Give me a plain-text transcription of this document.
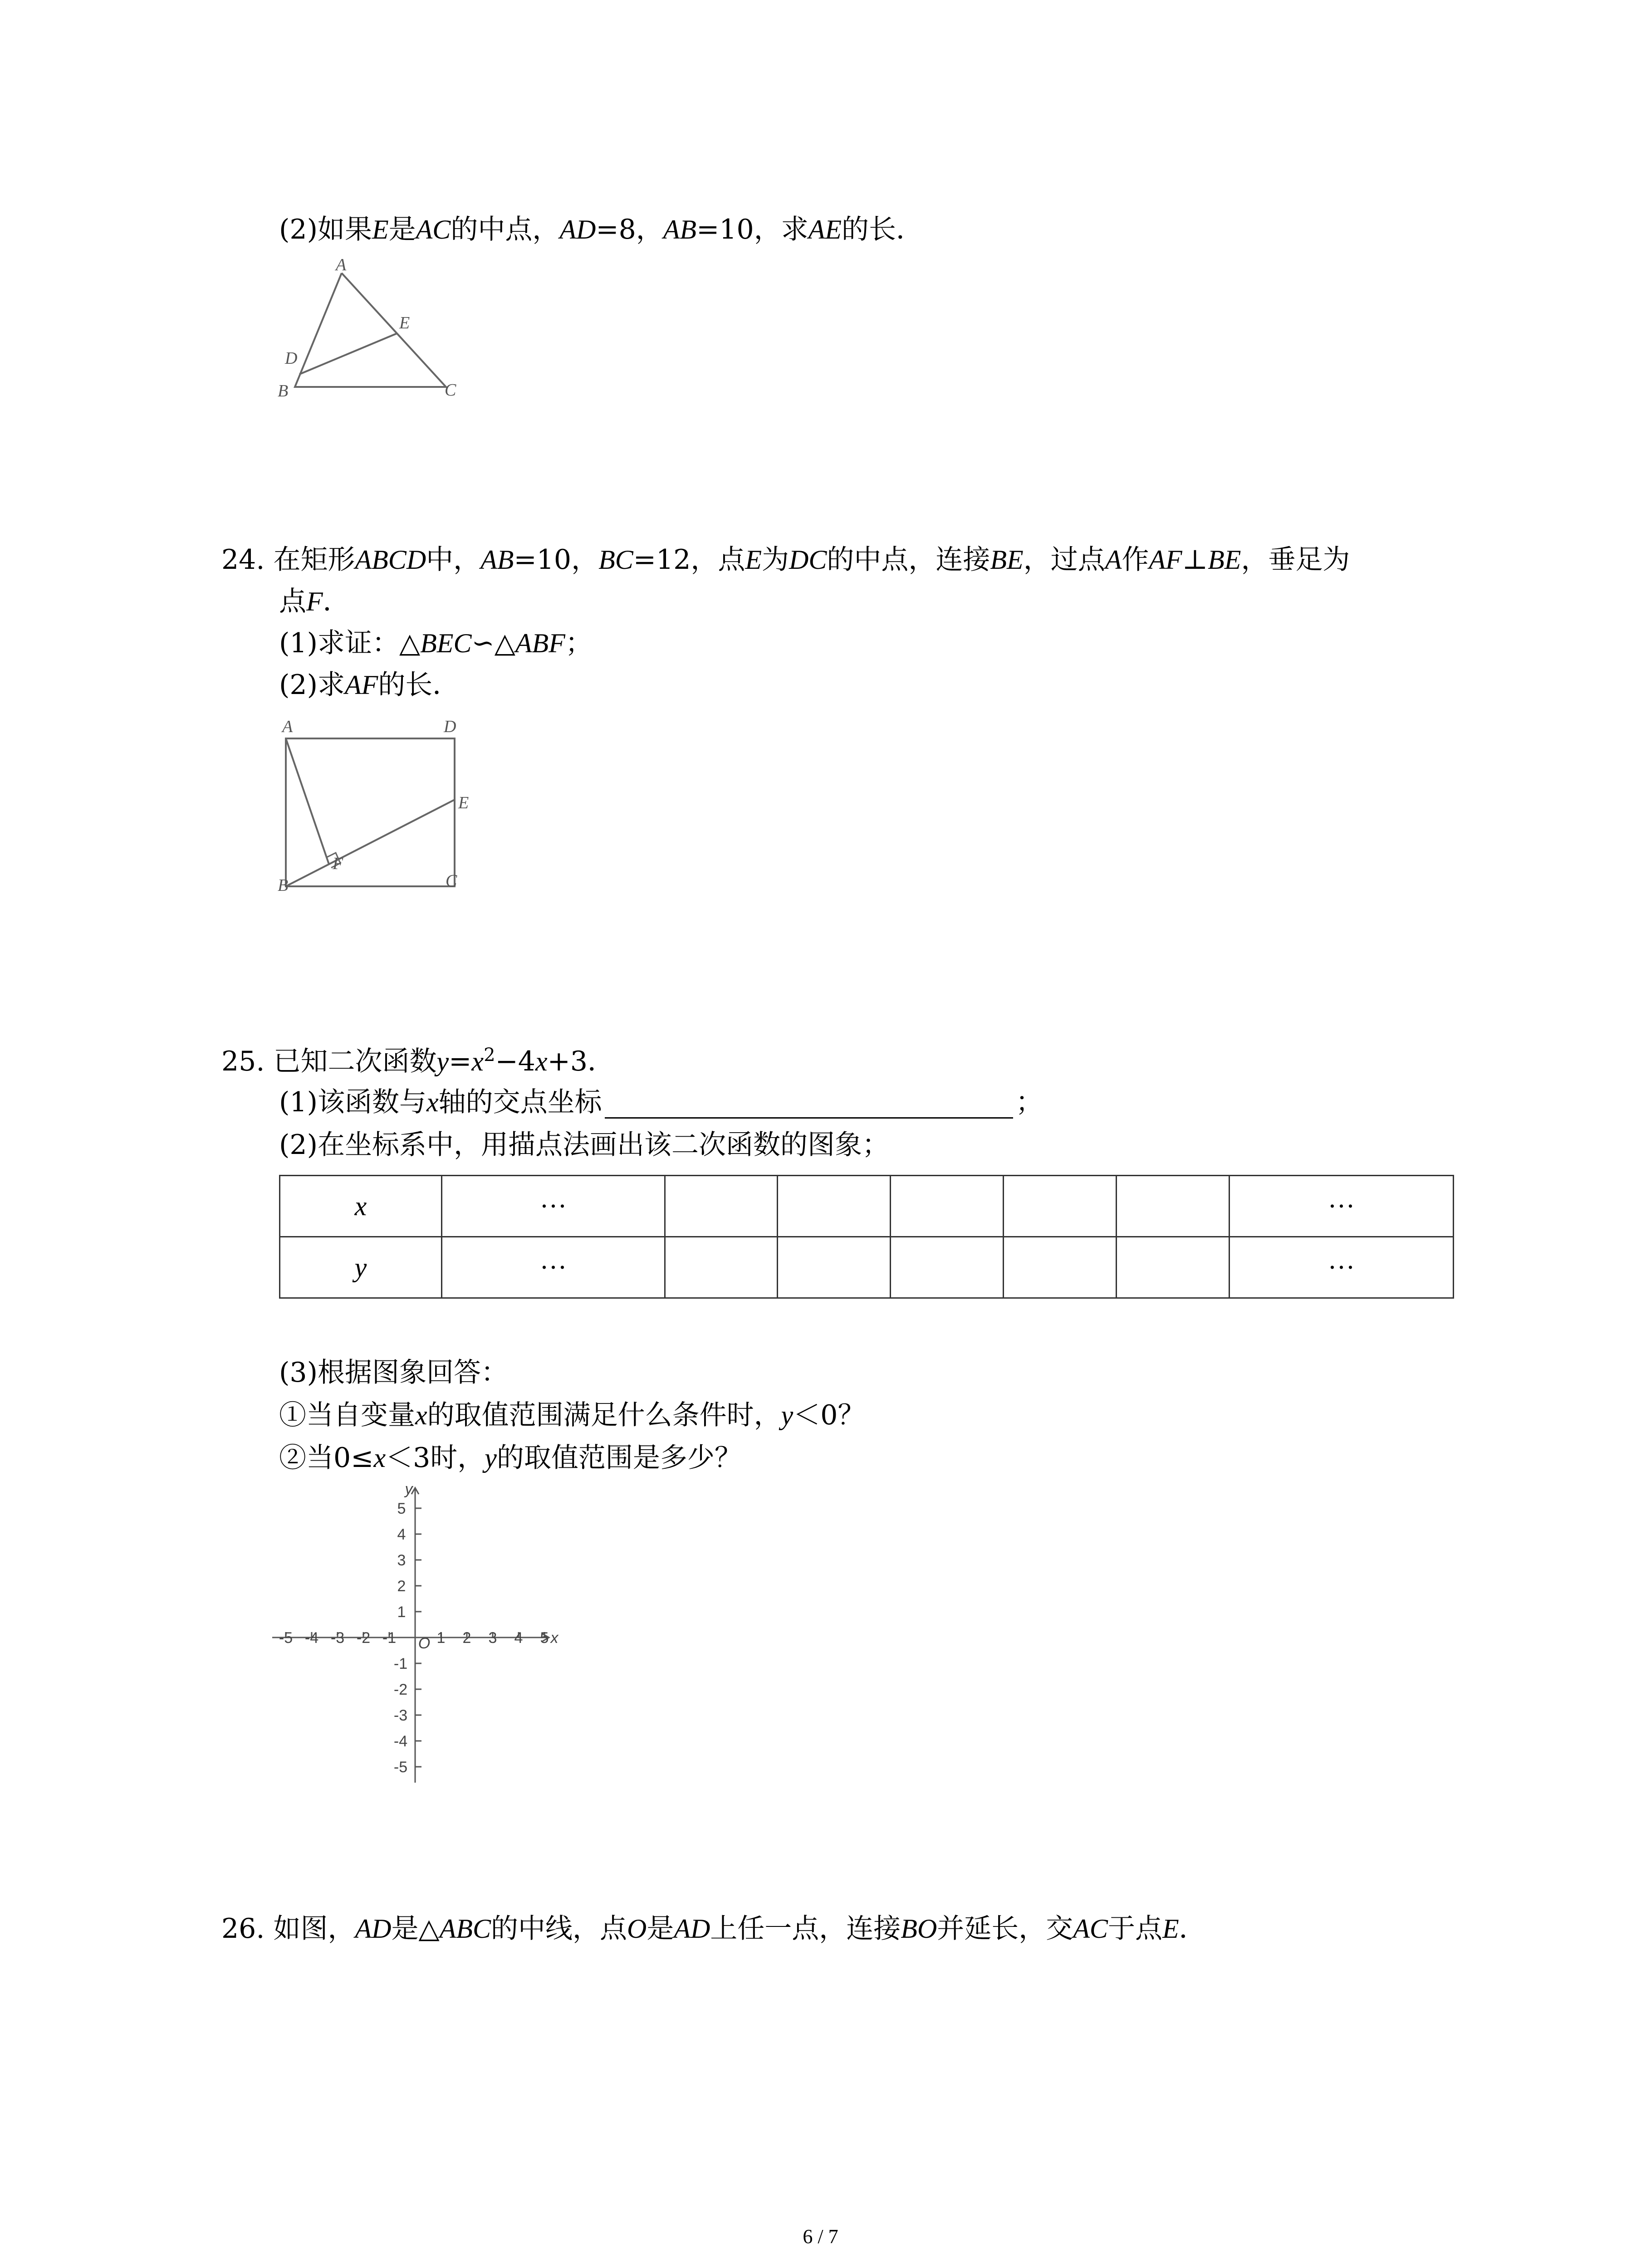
(2)如果E是AC的中点，AD=8，AB=10，求AE的长．
A
E
D
B	C
24. 在矩形ABCD中，AB=10，BC=12，点E为DC的中点，连接BE，过点A作AF⊥BE，垂足为
点F．
(1)求证：△BEC∽△ABF；
(2)求AF的长．
A	D
E
F
B	C
25. 已知二次函数$y=x^2-4x+3$．
(1)该函数与x轴的交点坐标	；
(2)在坐标系中，用描点法画出该二次函数的图象；
x	···						···
y	···						···
(3)根据图象回答：
①当自变量x的取值范围满足什么条件时，y＜0？
②当0≤x＜3时，y的取值范围是多少？
-5 -4 -3 -2 -1	1 2 3 4 5
5
4
3
2
1
-1
-2
-3
-4
-5
O	x
y
26. 如图，AD是△ABC的中线，点O是AD上任一点，连接BO并延长，交AC于点E．
6 / 7
